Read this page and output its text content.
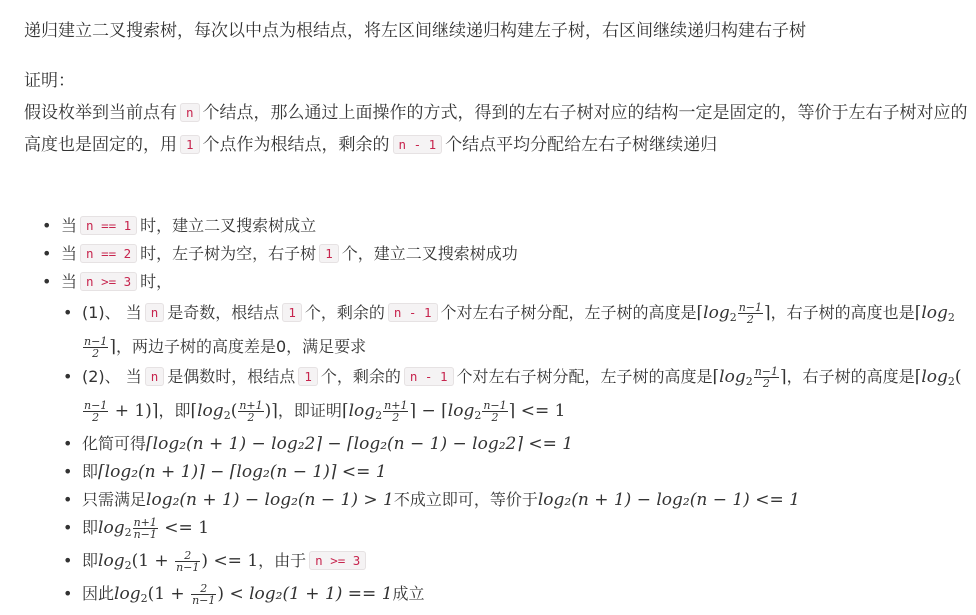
递归建立二叉搜索树，每次以中点为根结点，将左区间继续递归构建左子树，右区间继续递归构建右子树

证明：

假设枚举到当前点有 n 个结点，那么通过上面操作的方式，得到的左右子树对应的结构一定是固定的，等价于左右子树对应的高度也是固定的，用 1 个点作为根结点，剩余的 n - 1 个结点平均分配给左右子树继续递归

• 当 n == 1 时，建立二叉搜索树成立
• 当 n == 2 时，左子树为空，右子树 1 个，建立二叉搜索树成功
• 当 n >= 3 时，
• (1)、 当 n 是奇数，根结点 1 个，剩余的 n - 1 个对左右子树分配，左子树的高度是$⌈\log_2 \frac{n-1}{2}$ ⌉，右子树的高度也是$⌈\log_2$
$\frac{n-1}{2}$ ⌉，两边子树的高度差是0，满足要求
• (2)、 当 n 是偶数时，根结点 1 个，剩余的 n - 1 个对左右子树分配，左子树的高度是$⌈\log_2 \frac{n-1}{2}$ ⌉，右子树的高度是$⌈\log_2$(
$\frac{n-1}{2}$ + 1)⌉，即$⌈\log_2( \frac{n+1}{2}$ )⌉，即证明$⌈\log_2 \frac{n+1}{2}$ ⌉ − $⌈\log_2 \frac{n-1}{2}$ ⌉ <= 1
• 化简可得⌈log₂(n + 1) − log₂2⌉ − ⌈log₂(n − 1) − log₂2⌉ <= 1
• 即⌈log₂(n + 1)⌉ − ⌈log₂(n − 1)⌉ <= 1
• 只需满足log₂(n + 1) − log₂(n − 1) > 1不成立即可，等价于log₂(n + 1) − log₂(n − 1) <= 1
• 即$\log_2 \frac{n+1}{n-1} <= 1$
• 即$\log_2(1 + \frac{2}{n-1}$ ) <= 1，由于 n >= 3
• 因此$\log_2(1 + \frac{2}{n-1}$ ) < log₂(1 + 1) == 1成立
